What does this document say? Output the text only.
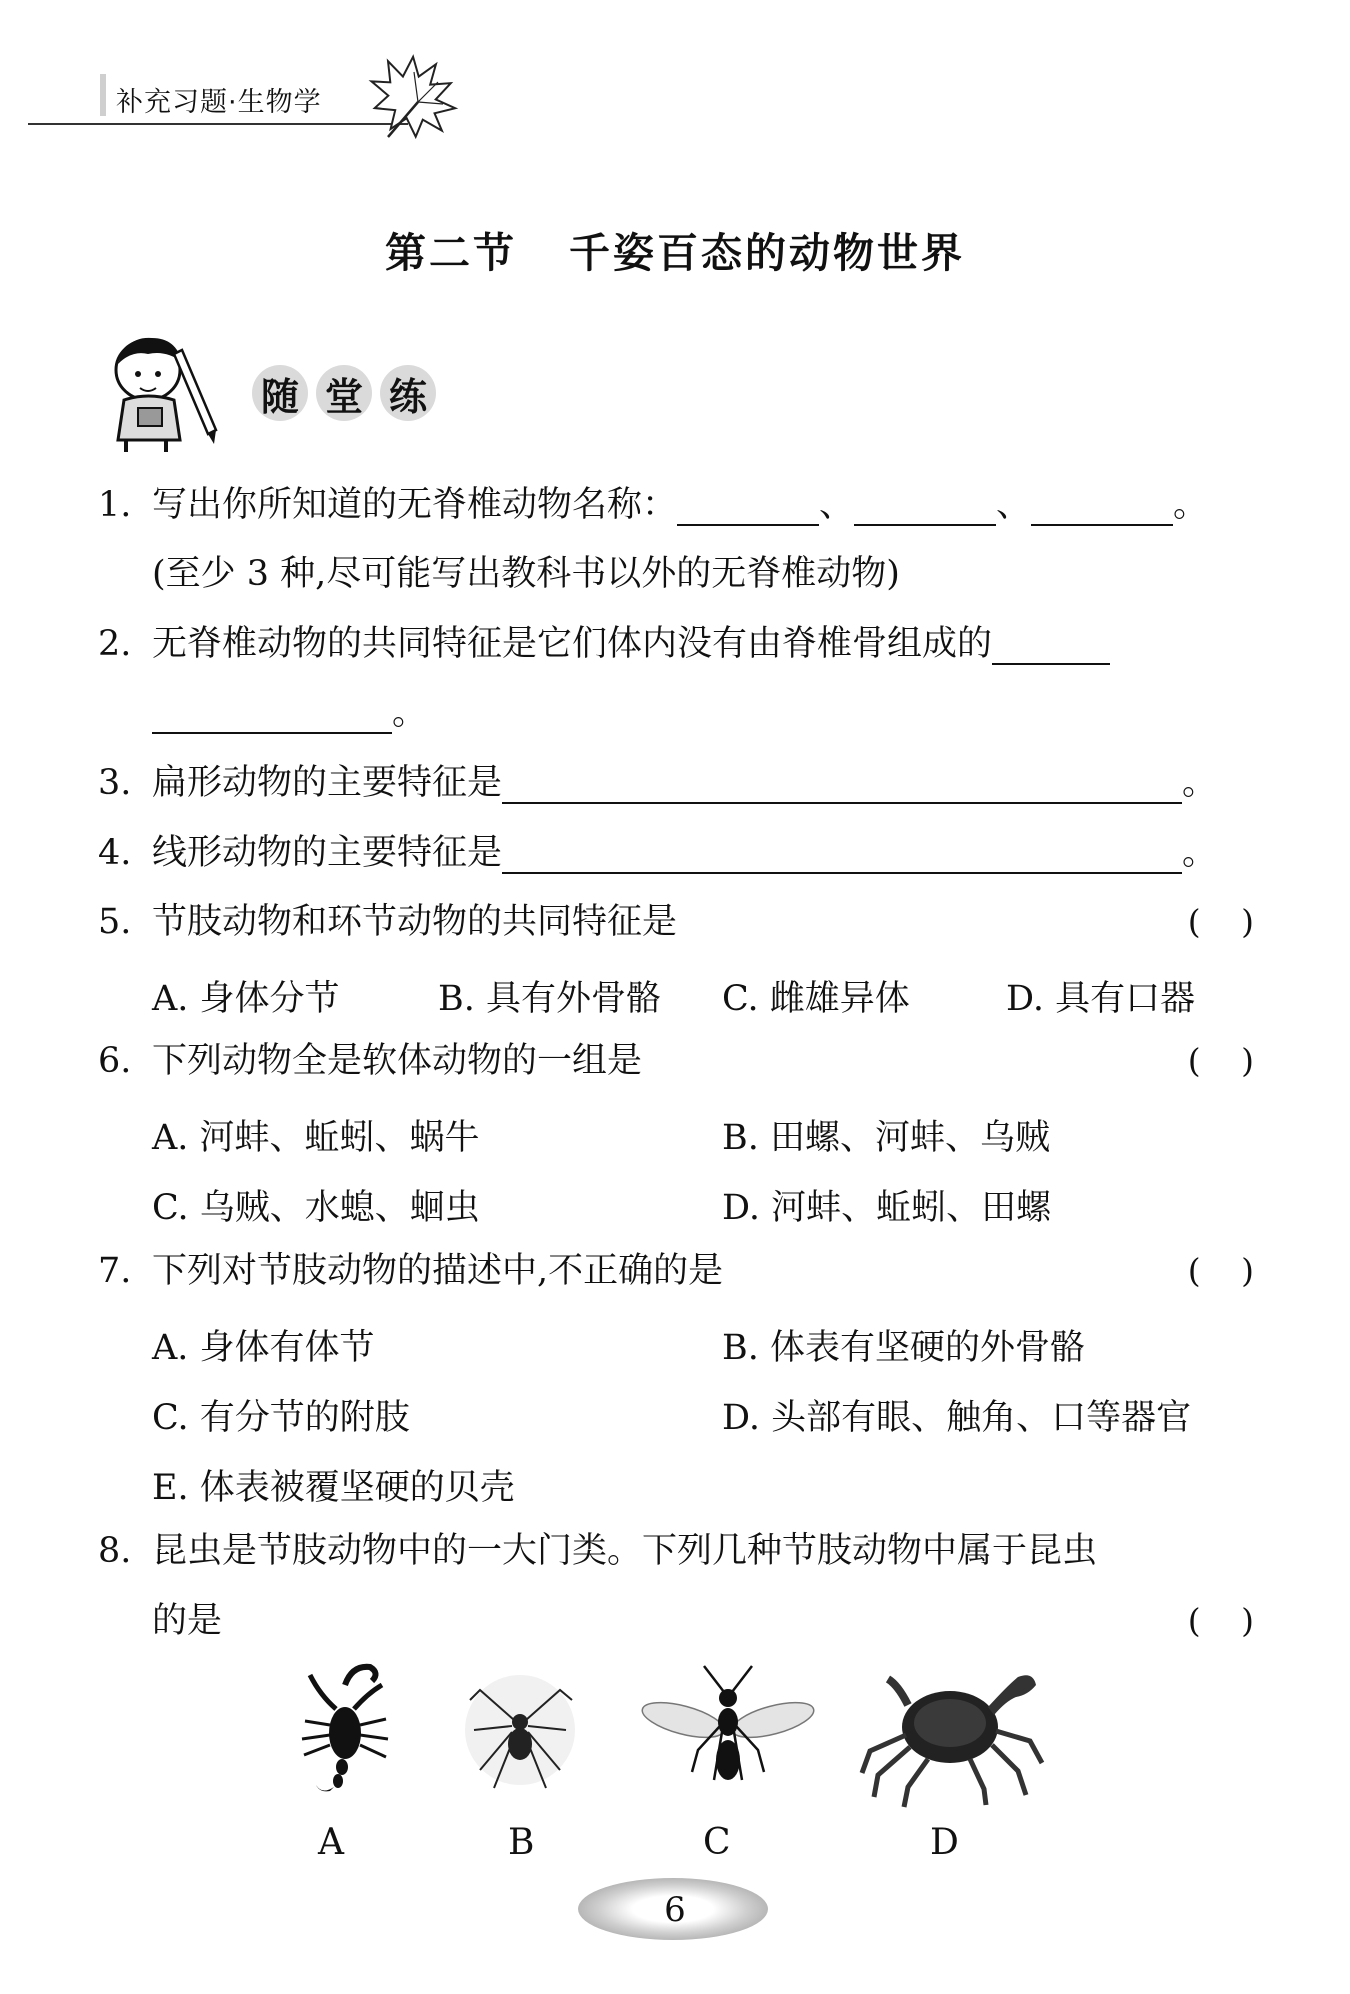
补充习题·生物学
第二节 千姿百态的动物世界
随 堂 练
1. 写出你所知道的无脊椎动物名称：	、	、	。
(至少 3 种,尽可能写出教科书以外的无脊椎动物)
2. 无脊椎动物的共同特征是它们体内没有由脊椎骨组成的
。
3. 扁形动物的主要特征是	。
4. 线形动物的主要特征是	。
5. 节肢动物和环节动物的共同特征是	( )
A. 身体分节	B. 具有外骨骼 C. 雌雄异体	D. 具有口器
6. 下列动物全是软体动物的一组是	( )
A. 河蚌、蚯蚓、蜗牛	B. 田螺、河蚌、乌贼
C. 乌贼、水螅、蛔虫	D. 河蚌、蚯蚓、田螺
7. 下列对节肢动物的描述中,不正确的是	( )
A. 身体有体节	B. 体表有坚硬的外骨骼
C. 有分节的附肢	D. 头部有眼、触角、口等器官
E. 体表被覆坚硬的贝壳
8. 昆虫是节肢动物中的一大门类。下列几种节肢动物中属于昆虫
的是	( )
A	B	C	D
6
